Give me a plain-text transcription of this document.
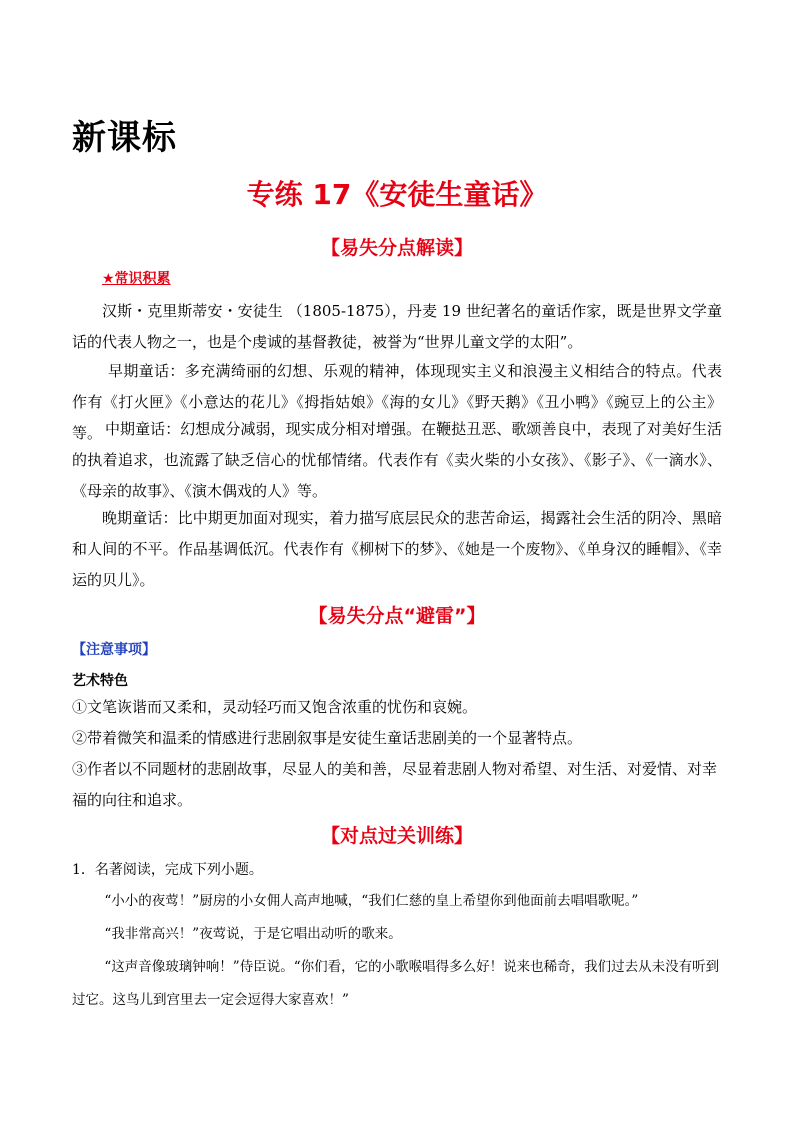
新课标
专练 17《安徒生童话》
【易失分点解读】
★常识积累
汉斯・克里斯蒂安・安徒生 （1805-1875），丹麦 19 世纪著名的童话作家，既是世界文学童话的代表人物之一，也是个虔诚的基督教徒，被誉为“世界儿童文学的太阳”。
早期童话：多充满绮丽的幻想、乐观的精神，体现现实主义和浪漫主义相结合的特点。代表作有《打火匣》《小意达的花儿》《拇指姑娘》《海的女儿》《野天鹅》《丑小鸭》《豌豆上的公主》等。 中期童话：幻想成分减弱，现实成分相对增强。在鞭挞丑恶、歌颂善良中，表现了对美好生活的执着追求，也流露了缺乏信心的忧郁情绪。代表作有《卖火柴的小女孩》、《影子》、《一滴水》、《母亲的故事》、《演木偶戏的人》等。
晚期童话：比中期更加面对现实，着力描写底层民众的悲苦命运，揭露社会生活的阴冷、黑暗和人间的不平。作品基调低沉。代表作有《柳树下的梦》、《她是一个废物》、《单身汉的睡帽》、《幸运的贝儿》。
【易失分点“避雷”】
【注意事项】
艺术特色
①文笔诙谐而又柔和，灵动轻巧而又饱含浓重的忧伤和哀婉。
②带着微笑和温柔的情感进行悲剧叙事是安徒生童话悲剧美的一个显著特点。
③作者以不同题材的悲剧故事，尽显人的美和善，尽显着悲剧人物对希望、对生活、对爱情、对幸福的向往和追求。
【对点过关训练】
1．名著阅读，完成下列小题。
“小小的夜莺！”厨房的小女佣人高声地喊，“我们仁慈的皇上希望你到他面前去唱唱歌呢。”
“我非常高兴！”夜莺说，于是它唱出动听的歌来。
“这声音像玻璃钟响！”侍臣说。“你们看，它的小歌喉唱得多么好！说来也稀奇，我们过去从未没有听到过它。这鸟儿到宫里去一定会逗得大家喜欢！”
